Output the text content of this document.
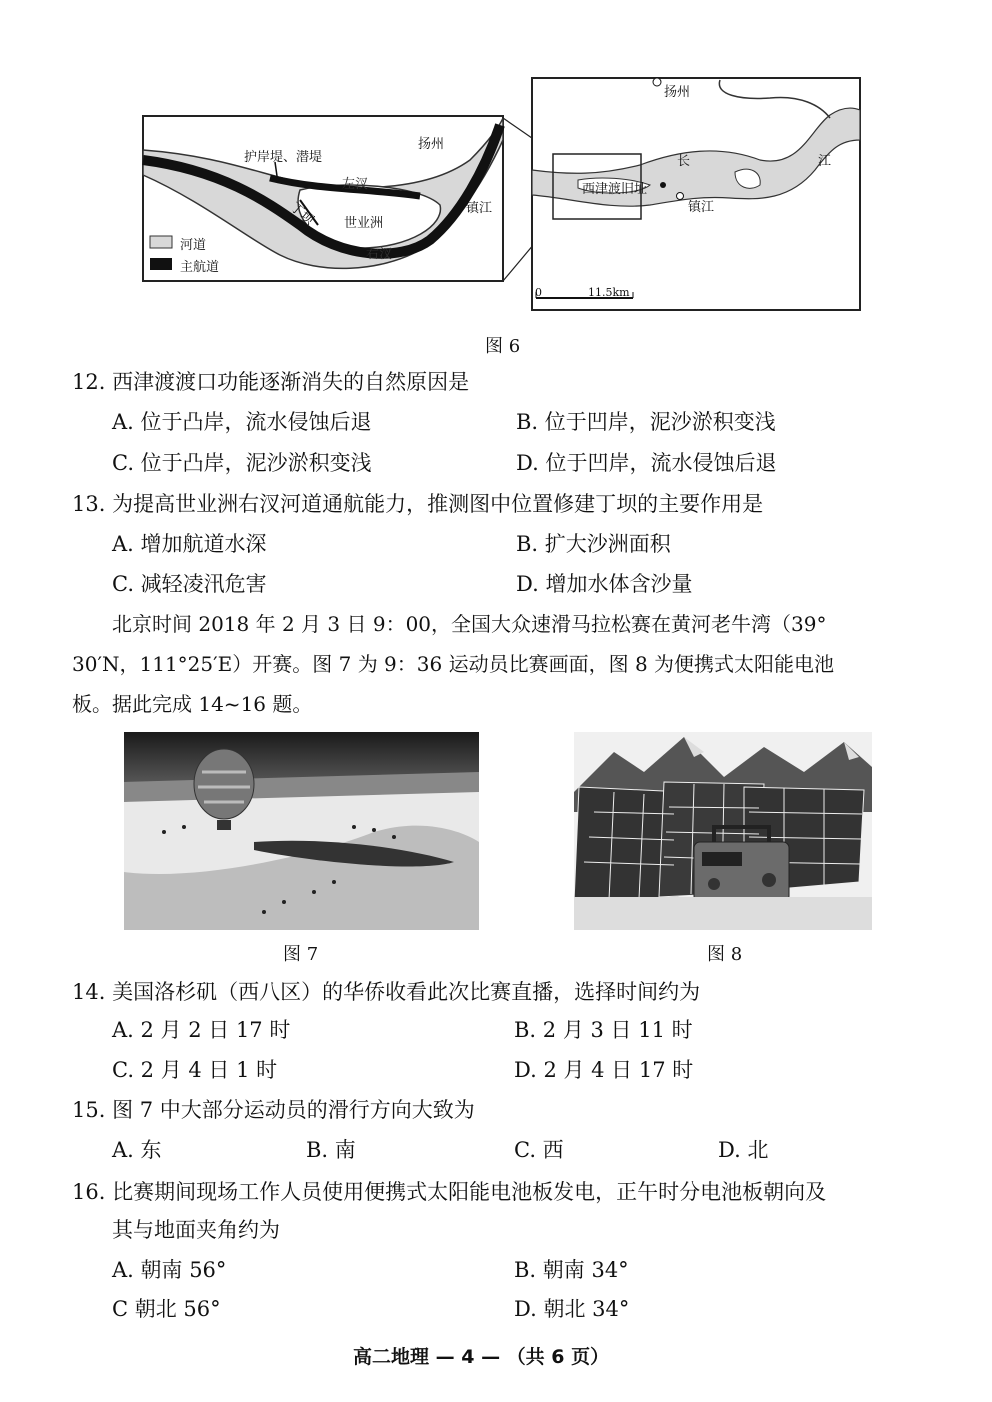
护岸堤、潜堤
扬州
左汊
丁坝 世业洲
镇江
右汊
河道
主航道
扬州
长	江
西津渡旧址
镇江
0	11.5km
图 6
12. 西津渡渡口功能逐渐消失的自然原因是
A. 位于凸岸，流水侵蚀后退	B. 位于凹岸，泥沙淤积变浅
C. 位于凸岸，泥沙淤积变浅	D. 位于凹岸，流水侵蚀后退
13. 为提高世业洲右汊河道通航能力，推测图中位置修建丁坝的主要作用是
A. 增加航道水深	B. 扩大沙洲面积
C. 减轻凌汛危害	D. 增加水体含沙量
北京时间 2018 年 2 月 3 日 9：00，全国大众速滑马拉松赛在黄河老牛湾（39°
30′N，111°25′E）开赛。图 7 为 9：36 运动员比赛画面，图 8 为便携式太阳能电池
板。据此完成 14~16 题。
图 7	图 8
14. 美国洛杉矶（西八区）的华侨收看此次比赛直播，选择时间约为
A. 2 月 2 日 17 时	B. 2 月 3 日 11 时
C. 2 月 4 日 1 时	D. 2 月 4 日 17 时
15. 图 7 中大部分运动员的滑行方向大致为
A. 东	B. 南	C. 西	D. 北
16. 比赛期间现场工作人员使用便携式太阳能电池板发电，正午时分电池板朝向及
其与地面夹角约为
A. 朝南 56°	B. 朝南 34°
C 朝北 56°	D. 朝北 34°
高二地理 — 4 — （共 6 页）
